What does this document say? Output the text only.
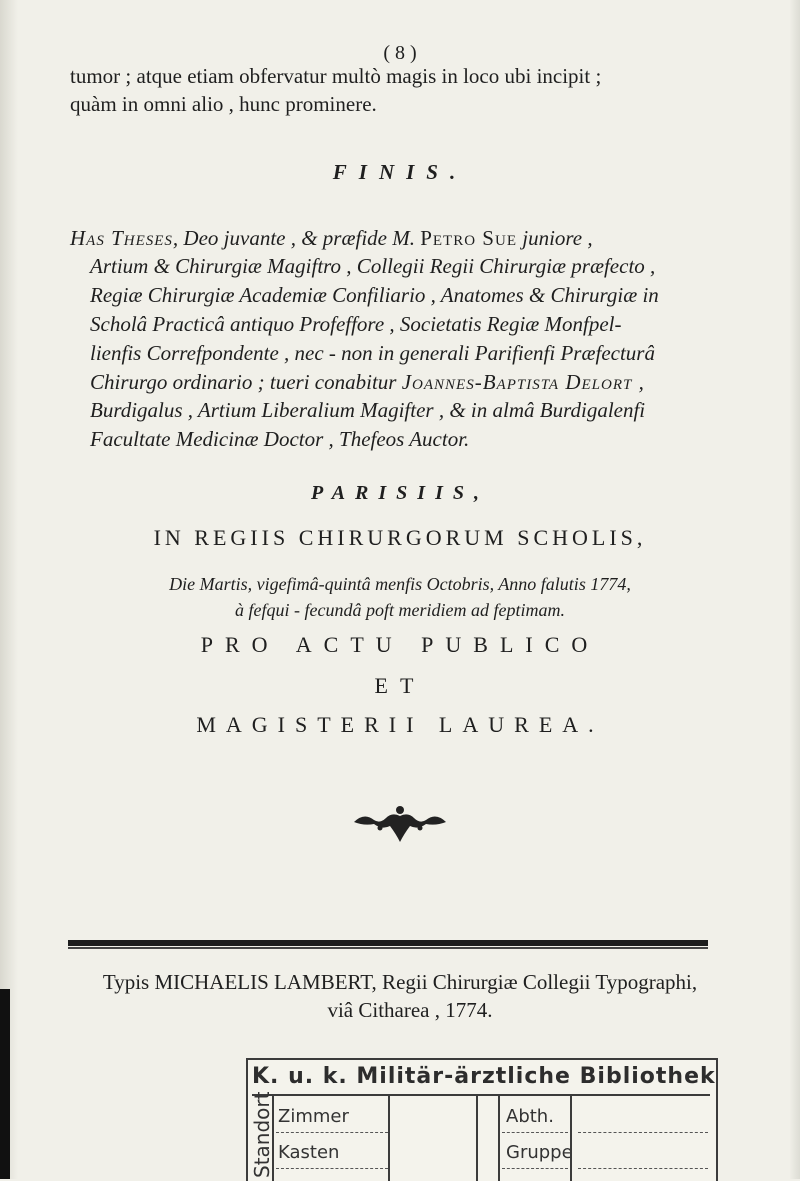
( 8 )
tumor ; atque etiam obfervatur multò magis in loco ubi incipit ;
quàm in omni alio , hunc prominere.
FINIS.
Has Theses, Deo juvante , & præfide M. Petro Sue juniore ,
Artium & Chirurgiæ Magiftro , Collegii Regii Chirurgiæ præfecto ,
Regiæ Chirurgiæ Academiæ Confiliario , Anatomes & Chirurgiæ in
Scholâ Practicâ antiquo Profeffore , Societatis Regiæ Monfpel-
lienfis Correfpondente , nec - non in generali Parifienfi Præfecturâ
Chirurgo ordinario ; tueri conabitur Joannes-Baptista Delort ,
Burdigalus , Artium Liberalium Magifter , & in almâ Burdigalenfi
Facultate Medicinæ Doctor , Thefeos Auctor.
PARISIIS,
IN REGIIS CHIRURGORUM SCHOLIS,
Die Martis, vigefimâ-quintâ menfis Octobris, Anno falutis 1774,
à fefqui - fecundâ poft meridiem ad feptimam.
PRO ACTU PUBLICO
ET
MAGISTERII LAUREA.
Typis MICHAELIS LAMBERT, Regii Chirurgiæ Collegii Typographi,
viâ Citharea , 1774.
K. u. k. Militär-ärztliche Bibliothek
Standort Zimmer
Kasten
Abth.
Gruppe
